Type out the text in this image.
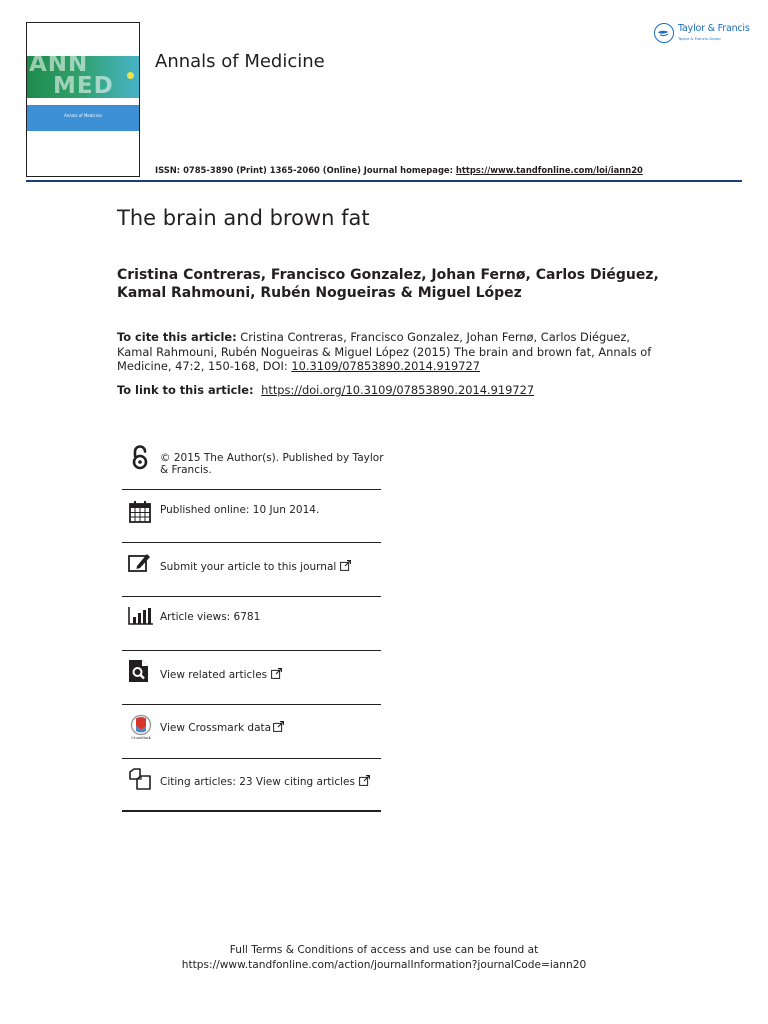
ANN
MED
Annals of Medicine
Annals of Medicine
ISSN: 0785-3890 (Print) 1365-2060 (Online) Journal homepage: https://www.tandfonline.com/loi/iann20
Taylor & Francis
Taylor & Francis Group
The brain and brown fat
Cristina Contreras, Francisco Gonzalez, Johan Fernø, Carlos Diéguez, Kamal Rahmouni, Rubén Nogueiras & Miguel López
To cite this article: Cristina Contreras, Francisco Gonzalez, Johan Fernø, Carlos Diéguez, Kamal Rahmouni, Rubén Nogueiras & Miguel López (2015) The brain and brown fat, Annals of Medicine, 47:2, 150-168, DOI: 10.3109/07853890.2014.919727
To link to this article:  https://doi.org/10.3109/07853890.2014.919727
© 2015 The Author(s). Published by Taylor & Francis.
Published online: 10 Jun 2014.
Submit your article to this journal
Article views: 6781
View related articles
CrossMark
View Crossmark data
Citing articles: 23 View citing articles
Full Terms & Conditions of access and use can be found at
https://www.tandfonline.com/action/journalInformation?journalCode=iann20
